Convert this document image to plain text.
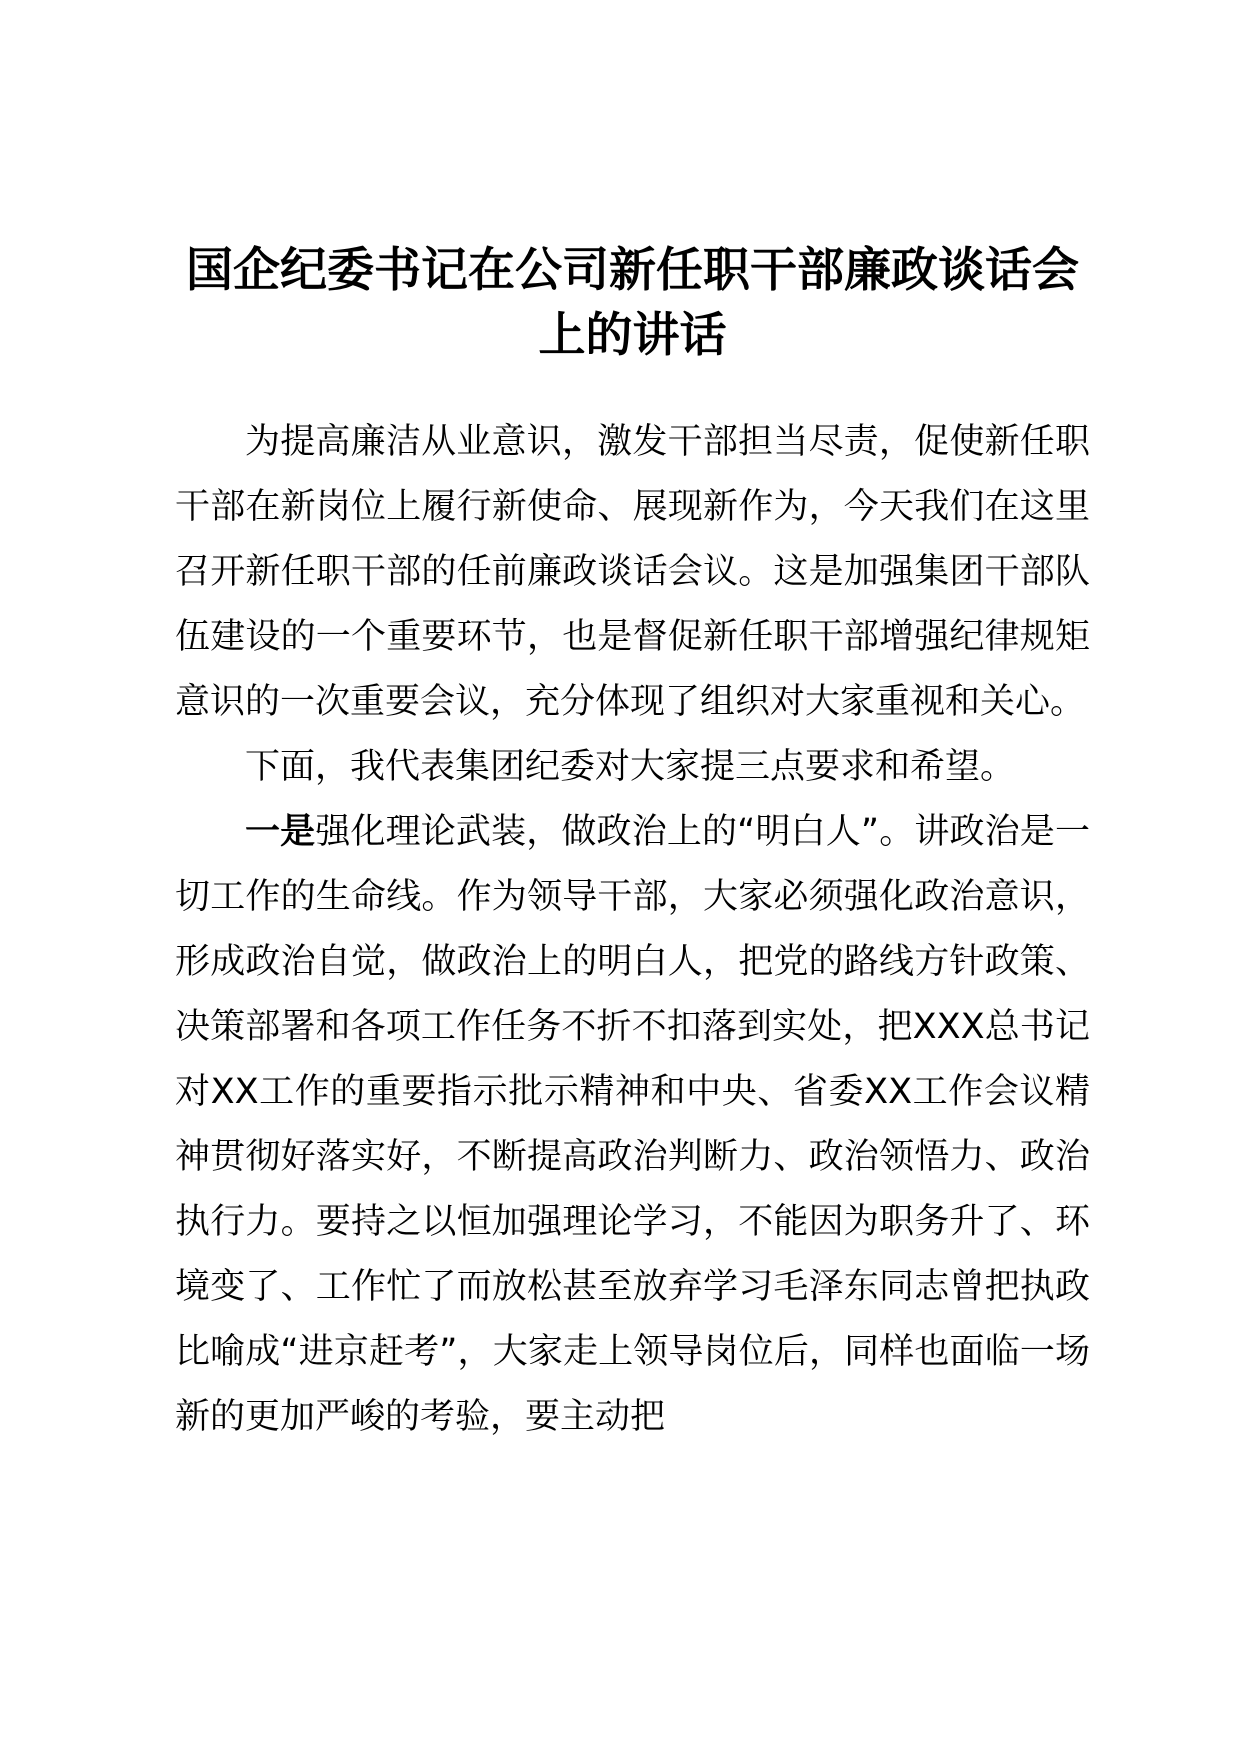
国企纪委书记在公司新任职干部廉政谈话会上的讲话

为提高廉洁从业意识，激发干部担当尽责，促使新任职干部在新岗位上履行新使命、展现新作为，今天我们在这里召开新任职干部的任前廉政谈话会议。这是加强集团干部队伍建设的一个重要环节，也是督促新任职干部增强纪律规矩意识的一次重要会议，充分体现了组织对大家重视和关心。

下面，我代表集团纪委对大家提三点要求和希望。

一是强化理论武装，做政治上的“明白人”。讲政治是一切工作的生命线。作为领导干部，大家必须强化政治意识，形成政治自觉，做政治上的明白人，把党的路线方针政策、决策部署和各项工作任务不折不扣落到实处，把XXX总书记对XX工作的重要指示批示精神和中央、省委XX工作会议精神贯彻好落实好，不断提高政治判断力、政治领悟力、政治执行力。要持之以恒加强理论学习，不能因为职务升了、环境变了、工作忙了而放松甚至放弃学习毛泽东同志曾把执政比喻成“进京赶考”，大家走上领导岗位后，同样也面临一场新的更加严峻的考验，要主动把
